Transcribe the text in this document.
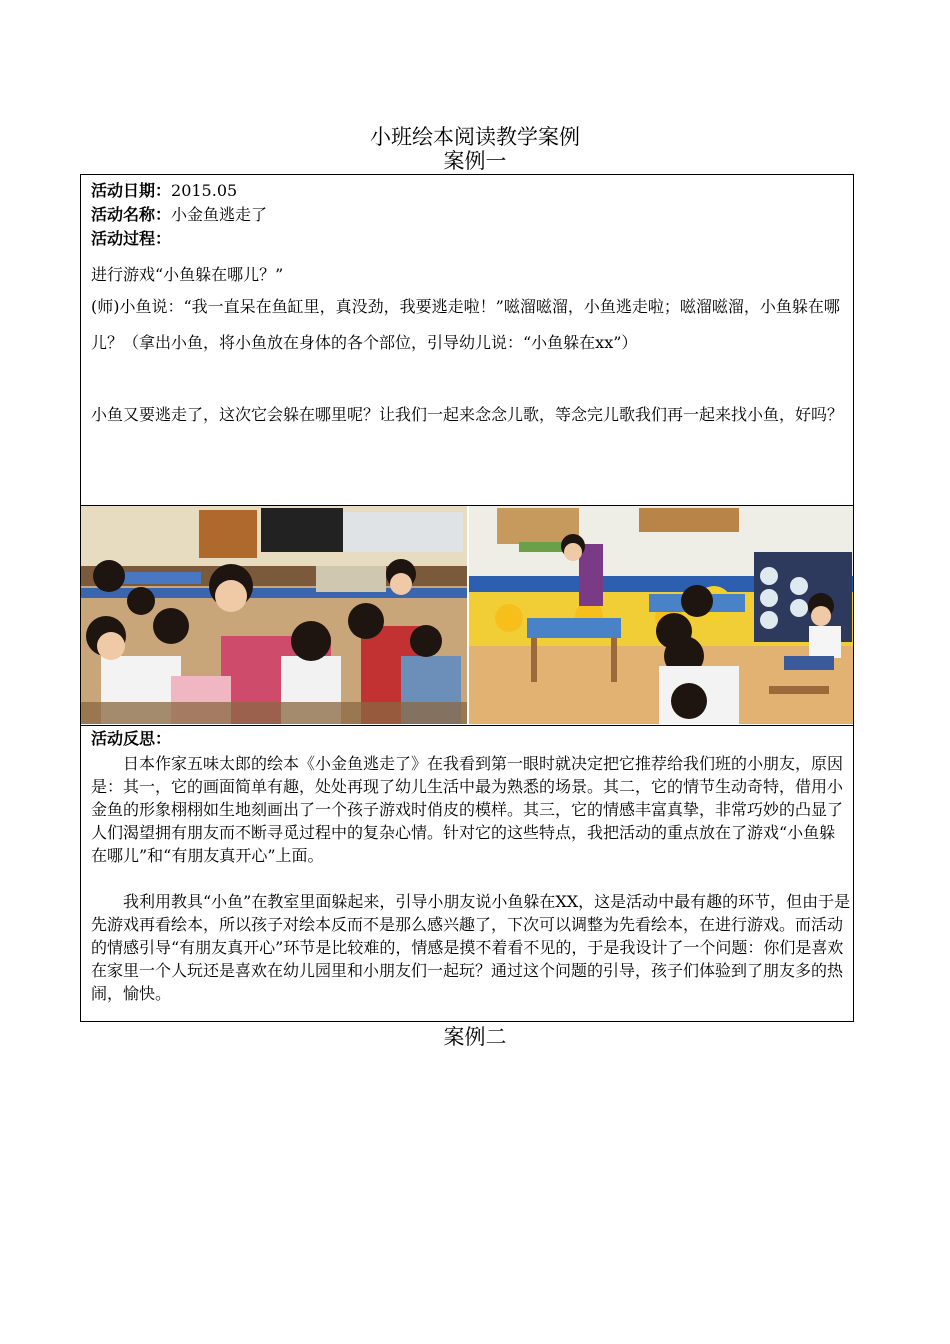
小班绘本阅读教学案例
案例一
活动日期：2015.05
活动名称：小金鱼逃走了
活动过程：

进行游戏“小鱼躲在哪儿？”

(师)小鱼说：“我一直呆在鱼缸里，真没劲，我要逃走啦！”嗞溜嗞溜，小鱼逃走啦；嗞溜嗞溜，小鱼躲在哪儿？（拿出小鱼，将小鱼放在身体的各个部位，引导幼儿说：“小鱼躲在xx”）

小鱼又要逃走了，这次它会躲在哪里呢？让我们一起来念念儿歌，等念完儿歌我们再一起来找小鱼，好吗？

活动反思：

日本作家五味太郎的绘本《小金鱼逃走了》在我看到第一眼时就决定把它推荐给我们班的小朋友，原因是：其一，它的画面简单有趣，处处再现了幼儿生活中最为熟悉的场景。其二，它的情节生动奇特，借用小金鱼的形象栩栩如生地刻画出了一个孩子游戏时俏皮的模样。其三，它的情感丰富真挚，非常巧妙的凸显了人们渴望拥有朋友而不断寻觅过程中的复杂心情。针对它的这些特点，我把活动的重点放在了游戏“小鱼躲在哪儿”和“有朋友真开心”上面。

我利用教具“小鱼”在教室里面躲起来，引导小朋友说小鱼躲在XX，这是活动中最有趣的环节，但由于是先游戏再看绘本，所以孩子对绘本反而不是那么感兴趣了，下次可以调整为先看绘本，在进行游戏。而活动的情感引导“有朋友真开心”环节是比较难的，情感是摸不着看不见的，于是我设计了一个问题：你们是喜欢在家里一个人玩还是喜欢在幼儿园里和小朋友们一起玩？通过这个问题的引导，孩子们体验到了朋友多的热闹，愉快。

案例二
